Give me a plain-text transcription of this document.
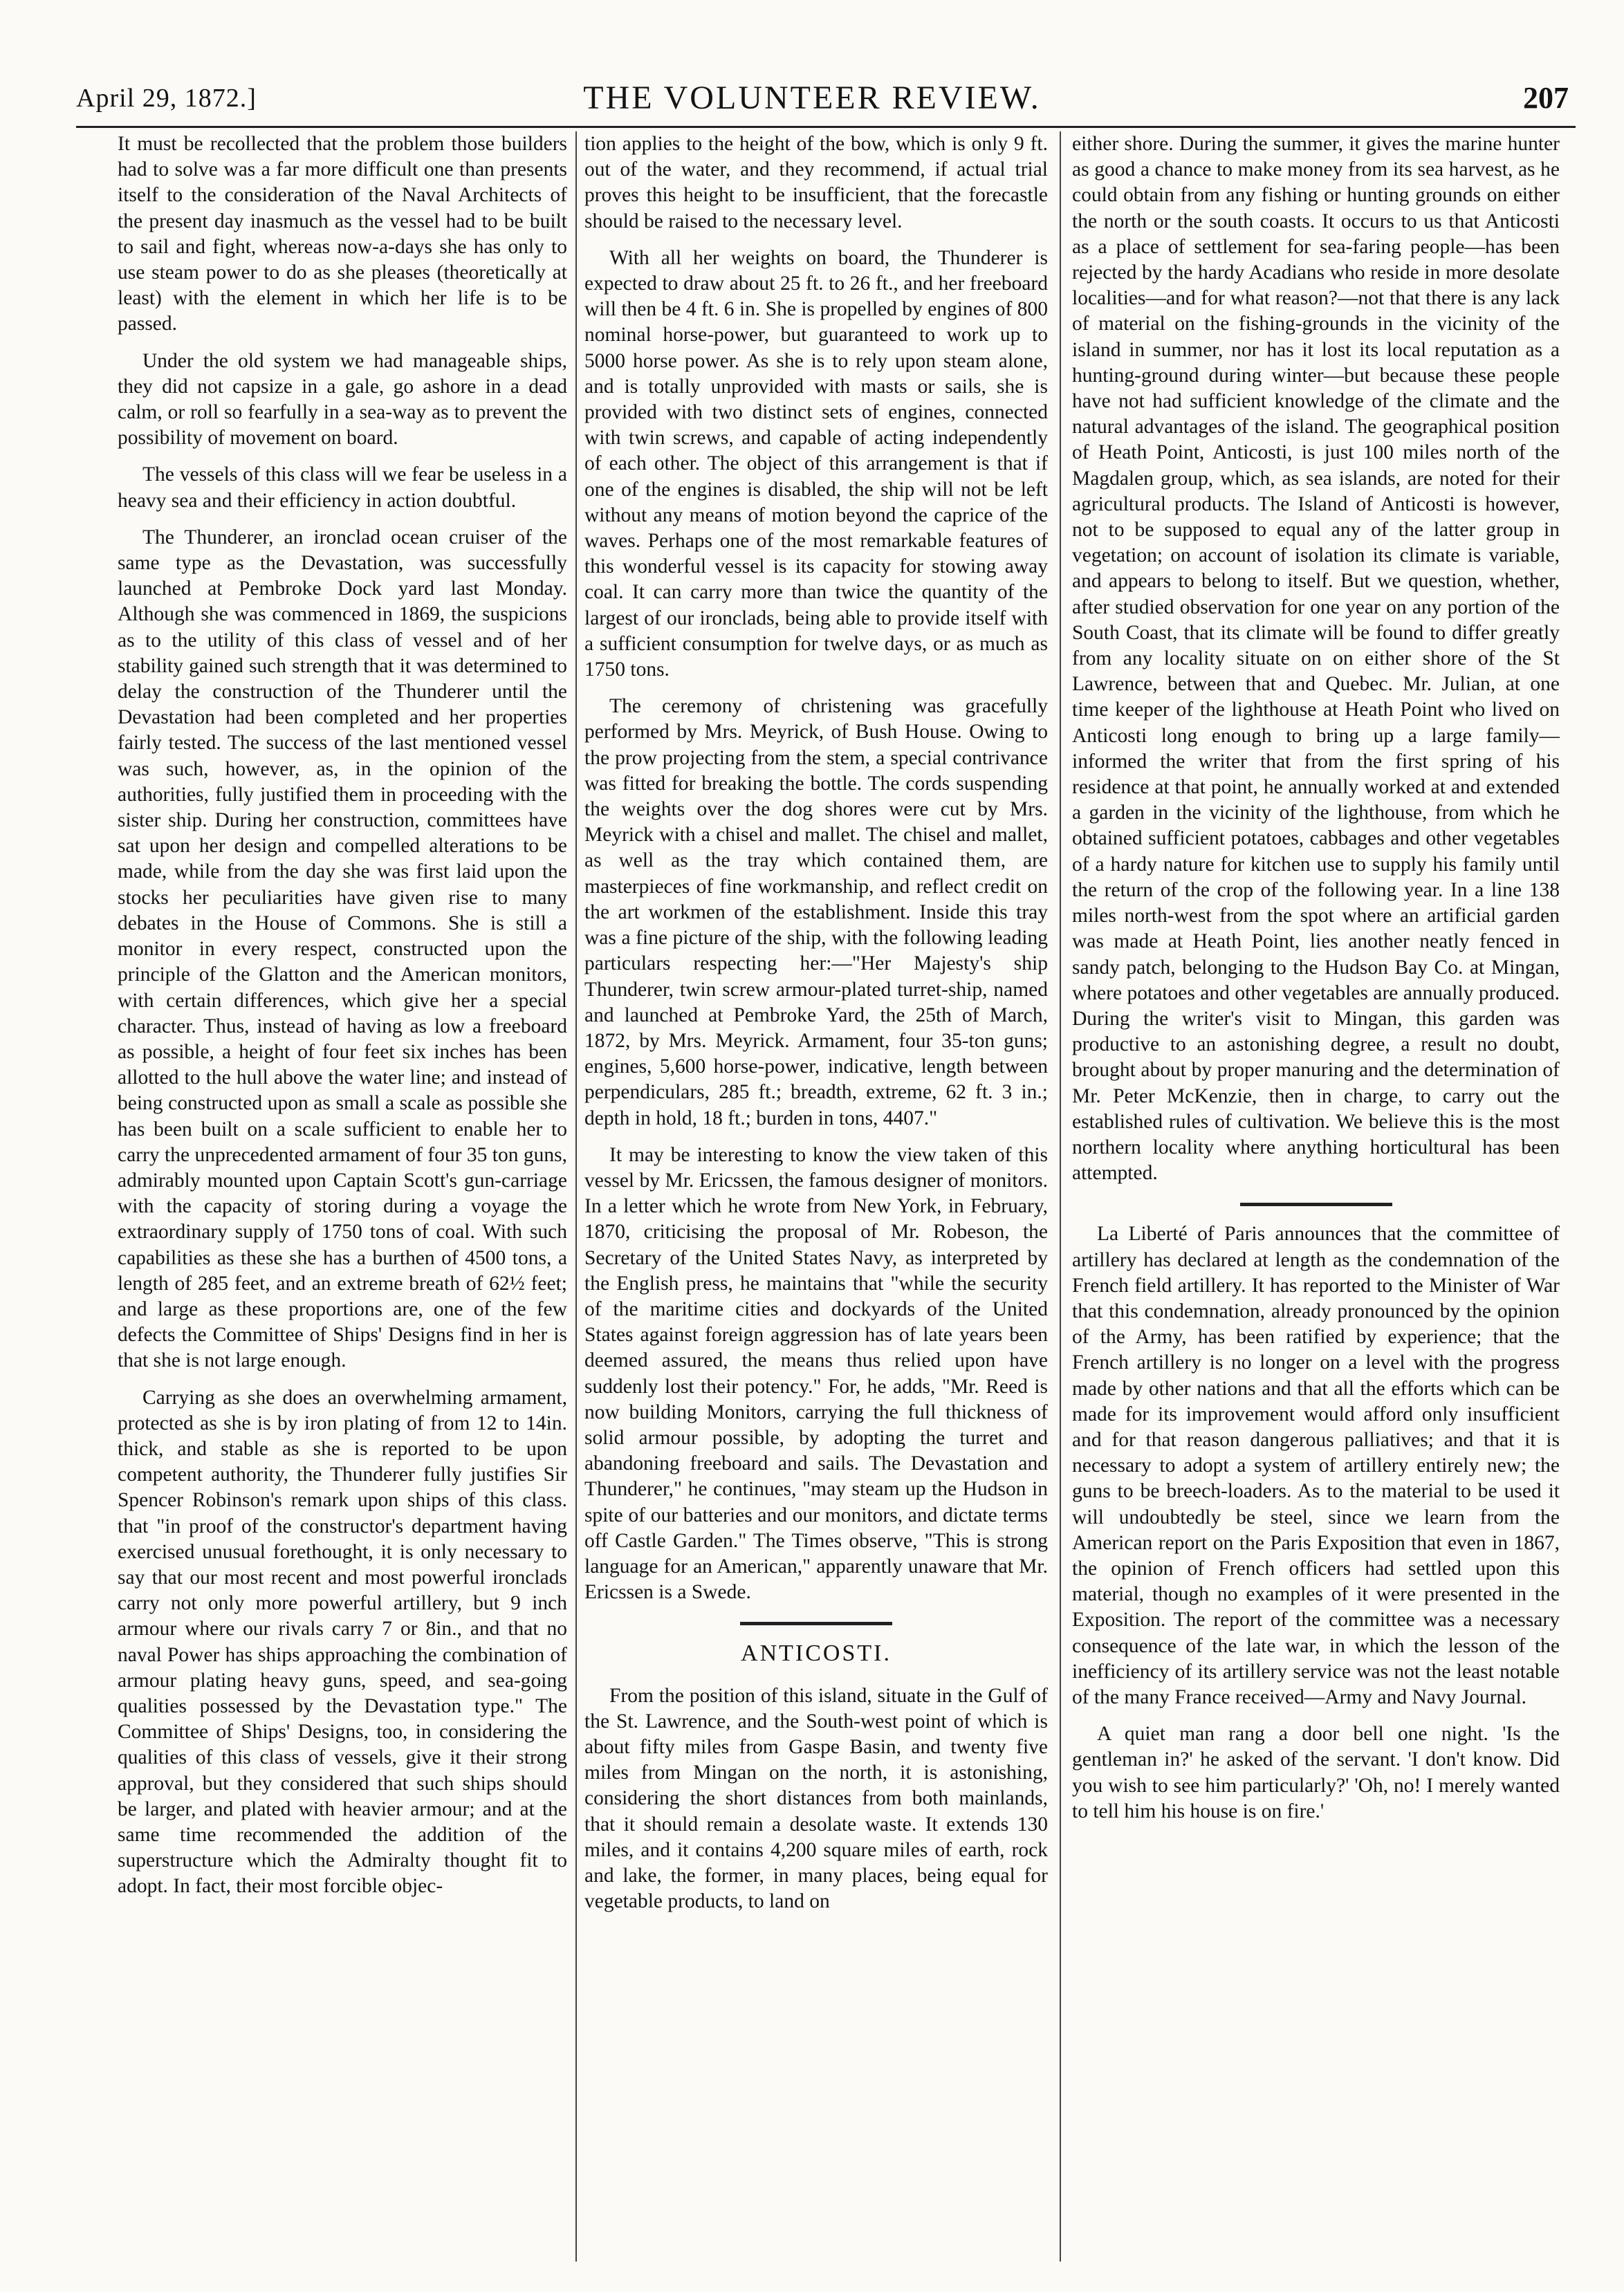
April 29, 1872.]	THE VOLUNTEER REVIEW.	207

It must be recollected that the problem those builders had to solve was a far more difficult one than presents itself to the consideration of the Naval Architects of the present day inasmuch as the vessel had to be built to sail and fight, whereas now-a-days she has only to use steam power to do as she pleases (theoretically at least) with the element in which her life is to be passed.

Under the old system we had manageable ships, they did not capsize in a gale, go ashore in a dead calm, or roll so fearfully in a sea-way as to prevent the possibility of movement on board.

The vessels of this class will we fear be useless in a heavy sea and their efficiency in action doubtful.

The Thunderer, an ironclad ocean cruiser of the same type as the Devastation, was successfully launched at Pembroke Dock yard last Monday. Although she was commenced in 1869, the suspicions as to the utility of this class of vessel and of her stability gained such strength that it was determined to delay the construction of the Thunderer until the Devastation had been completed and her properties fairly tested. The success of the last mentioned vessel was such, however, as, in the opinion of the authorities, fully justified them in proceeding with the sister ship. During her construction, committees have sat upon her design and compelled alterations to be made, while from the day she was first laid upon the stocks her peculiarities have given rise to many debates in the House of Commons. She is still a monitor in every respect, constructed upon the principle of the Glatton and the American monitors, with certain differences, which give her a special character. Thus, instead of having as low a freeboard as possible, a height of four feet six inches has been allotted to the hull above the water line; and instead of being constructed upon as small a scale as possible she has been built on a scale sufficient to enable her to carry the unprecedented armament of four 35 ton guns, admirably mounted upon Captain Scott's gun-carriage with the capacity of storing during a voyage the extraordinary supply of 1750 tons of coal. With such capabilities as these she has a burthen of 4500 tons, a length of 285 feet, and an extreme breath of 62½ feet; and large as these proportions are, one of the few defects the Committee of Ships' Designs find in her is that she is not large enough.

Carrying as she does an overwhelming armament, protected as she is by iron plating of from 12 to 14in. thick, and stable as she is reported to be upon competent authority, the Thunderer fully justifies Sir Spencer Robinson's remark upon ships of this class. that "in proof of the constructor's department having exercised unusual forethought, it is only necessary to say that our most recent and most powerful ironclads carry not only more powerful artillery, but 9 inch armour where our rivals carry 7 or 8in., and that no naval Power has ships approaching the combination of armour plating heavy guns, speed, and sea-going qualities possessed by the Devastation type." The Committee of Ships' Designs, too, in considering the qualities of this class of vessels, give it their strong approval, but they considered that such ships should be larger, and plated with heavier armour; and at the same time recommended the addition of the superstructure which the Admiralty thought fit to adopt. In fact, their most forcible objec-

tion applies to the height of the bow, which is only 9 ft. out of the water, and they recommend, if actual trial proves this height to be insufficient, that the forecastle should be raised to the necessary level.

With all her weights on board, the Thunderer is expected to draw about 25 ft. to 26 ft., and her freeboard will then be 4 ft. 6 in. She is propelled by engines of 800 nominal horse-power, but guaranteed to work up to 5000 horse power. As she is to rely upon steam alone, and is totally unprovided with masts or sails, she is provided with two distinct sets of engines, connected with twin screws, and capable of acting independently of each other. The object of this arrangement is that if one of the engines is disabled, the ship will not be left without any means of motion beyond the caprice of the waves. Perhaps one of the most remarkable features of this wonderful vessel is its capacity for stowing away coal. It can carry more than twice the quantity of the largest of our ironclads, being able to provide itself with a sufficient consumption for twelve days, or as much as 1750 tons.

The ceremony of christening was gracefully performed by Mrs. Meyrick, of Bush House. Owing to the prow projecting from the stem, a special contrivance was fitted for breaking the bottle. The cords suspending the weights over the dog shores were cut by Mrs. Meyrick with a chisel and mallet. The chisel and mallet, as well as the tray which contained them, are masterpieces of fine workmanship, and reflect credit on the art workmen of the establishment. Inside this tray was a fine picture of the ship, with the following leading particulars respecting her:—"Her Majesty's ship Thunderer, twin screw armour-plated turret-ship, named and launched at Pembroke Yard, the 25th of March, 1872, by Mrs. Meyrick. Armament, four 35-ton guns; engines, 5,600 horse-power, indicative, length between perpendiculars, 285 ft.; breadth, extreme, 62 ft. 3 in.; depth in hold, 18 ft.; burden in tons, 4407."

It may be interesting to know the view taken of this vessel by Mr. Ericssen, the famous designer of monitors. In a letter which he wrote from New York, in February, 1870, criticising the proposal of Mr. Robeson, the Secretary of the United States Navy, as interpreted by the English press, he maintains that "while the security of the maritime cities and dockyards of the United States against foreign aggression has of late years been deemed assured, the means thus relied upon have suddenly lost their potency." For, he adds, "Mr. Reed is now building Monitors, carrying the full thickness of solid armour possible, by adopting the turret and abandoning freeboard and sails. The Devastation and Thunderer," he continues, "may steam up the Hudson in spite of our batteries and our monitors, and dictate terms off Castle Garden." The Times observe, "This is strong language for an American," apparently unaware that Mr. Ericssen is a Swede.

ANTICOSTI.

From the position of this island, situate in the Gulf of the St. Lawrence, and the South-west point of which is about fifty miles from Gaspe Basin, and twenty five miles from Mingan on the north, it is astonishing, considering the short distances from both mainlands, that it should remain a desolate waste. It extends 130 miles, and it contains 4,200 square miles of earth, rock and lake, the former, in many places, being equal for vegetable products, to land on

either shore. During the summer, it gives the marine hunter as good a chance to make money from its sea harvest, as he could obtain from any fishing or hunting grounds on either the north or the south coasts. It occurs to us that Anticosti as a place of settlement for sea-faring people—has been rejected by the hardy Acadians who reside in more desolate localities—and for what reason?—not that there is any lack of material on the fishing-grounds in the vicinity of the island in summer, nor has it lost its local reputation as a hunting-ground during winter—but because these people have not had sufficient knowledge of the climate and the natural advantages of the island. The geographical position of Heath Point, Anticosti, is just 100 miles north of the Magdalen group, which, as sea islands, are noted for their agricultural products. The Island of Anticosti is however, not to be supposed to equal any of the latter group in vegetation; on account of isolation its climate is variable, and appears to belong to itself. But we question, whether, after studied observation for one year on any portion of the South Coast, that its climate will be found to differ greatly from any locality situate on on either shore of the St Lawrence, between that and Quebec. Mr. Julian, at one time keeper of the lighthouse at Heath Point who lived on Anticosti long enough to bring up a large family—informed the writer that from the first spring of his residence at that point, he annually worked at and extended a garden in the vicinity of the lighthouse, from which he obtained sufficient potatoes, cabbages and other vegetables of a hardy nature for kitchen use to supply his family until the return of the crop of the following year. In a line 138 miles north-west from the spot where an artificial garden was made at Heath Point, lies another neatly fenced in sandy patch, belonging to the Hudson Bay Co. at Mingan, where potatoes and other vegetables are annually produced. During the writer's visit to Mingan, this garden was productive to an astonishing degree, a result no doubt, brought about by proper manuring and the determination of Mr. Peter McKenzie, then in charge, to carry out the established rules of cultivation. We believe this is the most northern locality where anything horticultural has been attempted.

La Liberté of Paris announces that the committee of artillery has declared at length as the condemnation of the French field artillery. It has reported to the Minister of War that this condemnation, already pronounced by the opinion of the Army, has been ratified by experience; that the French artillery is no longer on a level with the progress made by other nations and that all the efforts which can be made for its improvement would afford only insufficient and for that reason dangerous palliatives; and that it is necessary to adopt a system of artillery entirely new; the guns to be breech-loaders. As to the material to be used it will undoubtedly be steel, since we learn from the American report on the Paris Exposition that even in 1867, the opinion of French officers had settled upon this material, though no examples of it were presented in the Exposition. The report of the committee was a necessary consequence of the late war, in which the lesson of the inefficiency of its artillery service was not the least notable of the many France received—Army and Navy Journal.

A quiet man rang a door bell one night. 'Is the gentleman in?' he asked of the servant. 'I don't know. Did you wish to see him particularly?' 'Oh, no! I merely wanted to tell him his house is on fire.'
